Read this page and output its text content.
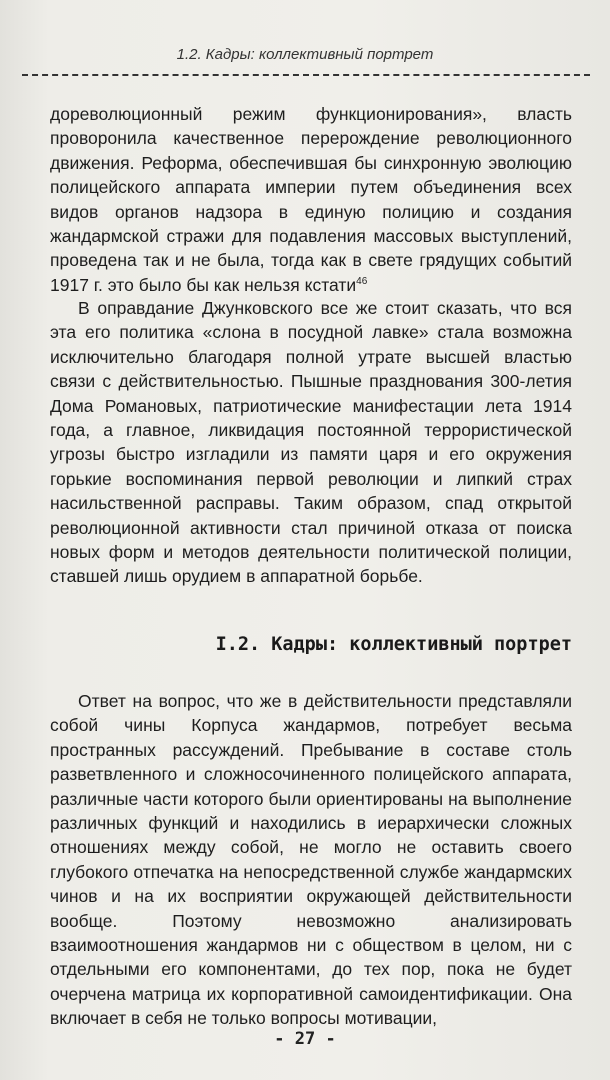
1.2. Кадры: коллективный портрет

дореволюционный режим функционирования», власть проворонила качественное перерождение революционного движения. Реформа, обеспечившая бы синхронную эволюцию полицейского аппарата империи путем объединения всех видов органов надзора в единую полицию и создания жандармской стражи для подавления массовых выступлений, проведена так и не была, тогда как в свете грядущих событий 1917 г. это было бы как нельзя кстати$^{46}$

В оправдание Джунковского все же стоит сказать, что вся эта его политика «слона в посудной лавке» стала возможна исключительно благодаря полной утрате высшей властью связи с действительностью. Пышные празднования 300-летия Дома Романовых, патриотические манифестации лета 1914 года, а главное, ликвидация постоянной террористической угрозы быстро изгладили из памяти царя и его окружения горькие воспоминания первой революции и липкий страх насильственной расправы. Таким образом, спад открытой революционной активности стал причиной отказа от поиска новых форм и методов деятельности политической полиции, ставшей лишь орудием в аппаратной борьбе.

I.2. Кадры: коллективный портрет

Ответ на вопрос, что же в действительности представляли собой чины Корпуса жандармов, потребует весьма пространных рассуждений. Пребывание в составе столь разветвленного и сложносочиненного полицейского аппарата, различные части которого были ориентированы на выполнение различных функций и находились в иерархически сложных отношениях между собой, не могло не оставить своего глубокого отпечатка на непосредственной службе жандармских чинов и на их восприятии окружающей действительности вообще. Поэтому невозможно анализировать взаимоотношения жандармов ни с обществом в целом, ни с отдельными его компонентами, до тех пор, пока не будет очерчена матрица их корпоративной самоидентификации. Она включает в себя не только вопросы мотивации,

- 27 -
